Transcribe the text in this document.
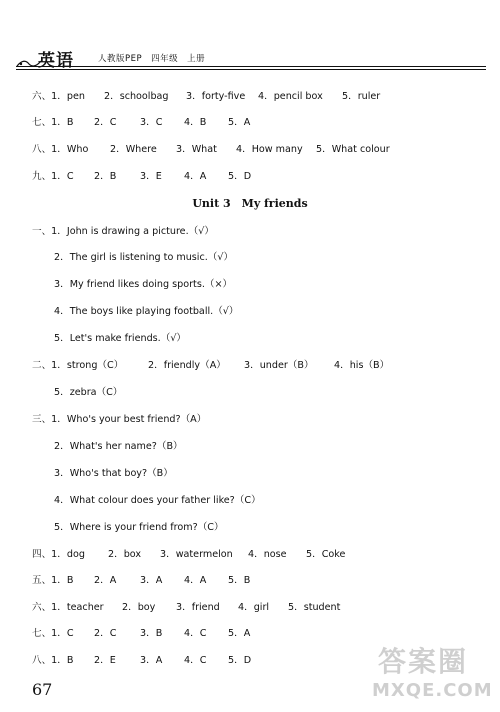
英语	人教版PEP　四年级　上册
六、1．pen 2．schoolbag 3．forty-five 4．pencil box 5．ruler
七、1．B 2．C 3．C 4．B 5．A
八、1．Who 2．Where 3．What 4．How many 5．What colour
九、1．C 2．B 3．E 4．A 5．D
Unit 3　My friends
一、1．John is drawing a picture.（√）
2．The girl is listening to music.（√）
3．My friend likes doing sports.（×）
4．The boys like playing football.（√）
5．Let's make friends.（√）
二、1．strong（C）	2．friendly（A） 3．under（B） 4．his（B）
5．zebra（C）
三、1．Who's your best friend?（A）
2．What's her name?（B）
3．Who's that boy?（B）
4．What colour does your father like?（C）
5．Where is your friend from?（C）
四、1．dog 2．box 3．watermelon 4．nose 5．Coke
五、1．B 2．A 3．A 4．A 5．B
六、1．teacher 2．boy 3．friend 4．girl 5．student
七、1．C 2．C 3．B 4．C 5．A
八、1．B 2．E	3．A 4．C 5．D
67
答案圈
MXQE.COM
